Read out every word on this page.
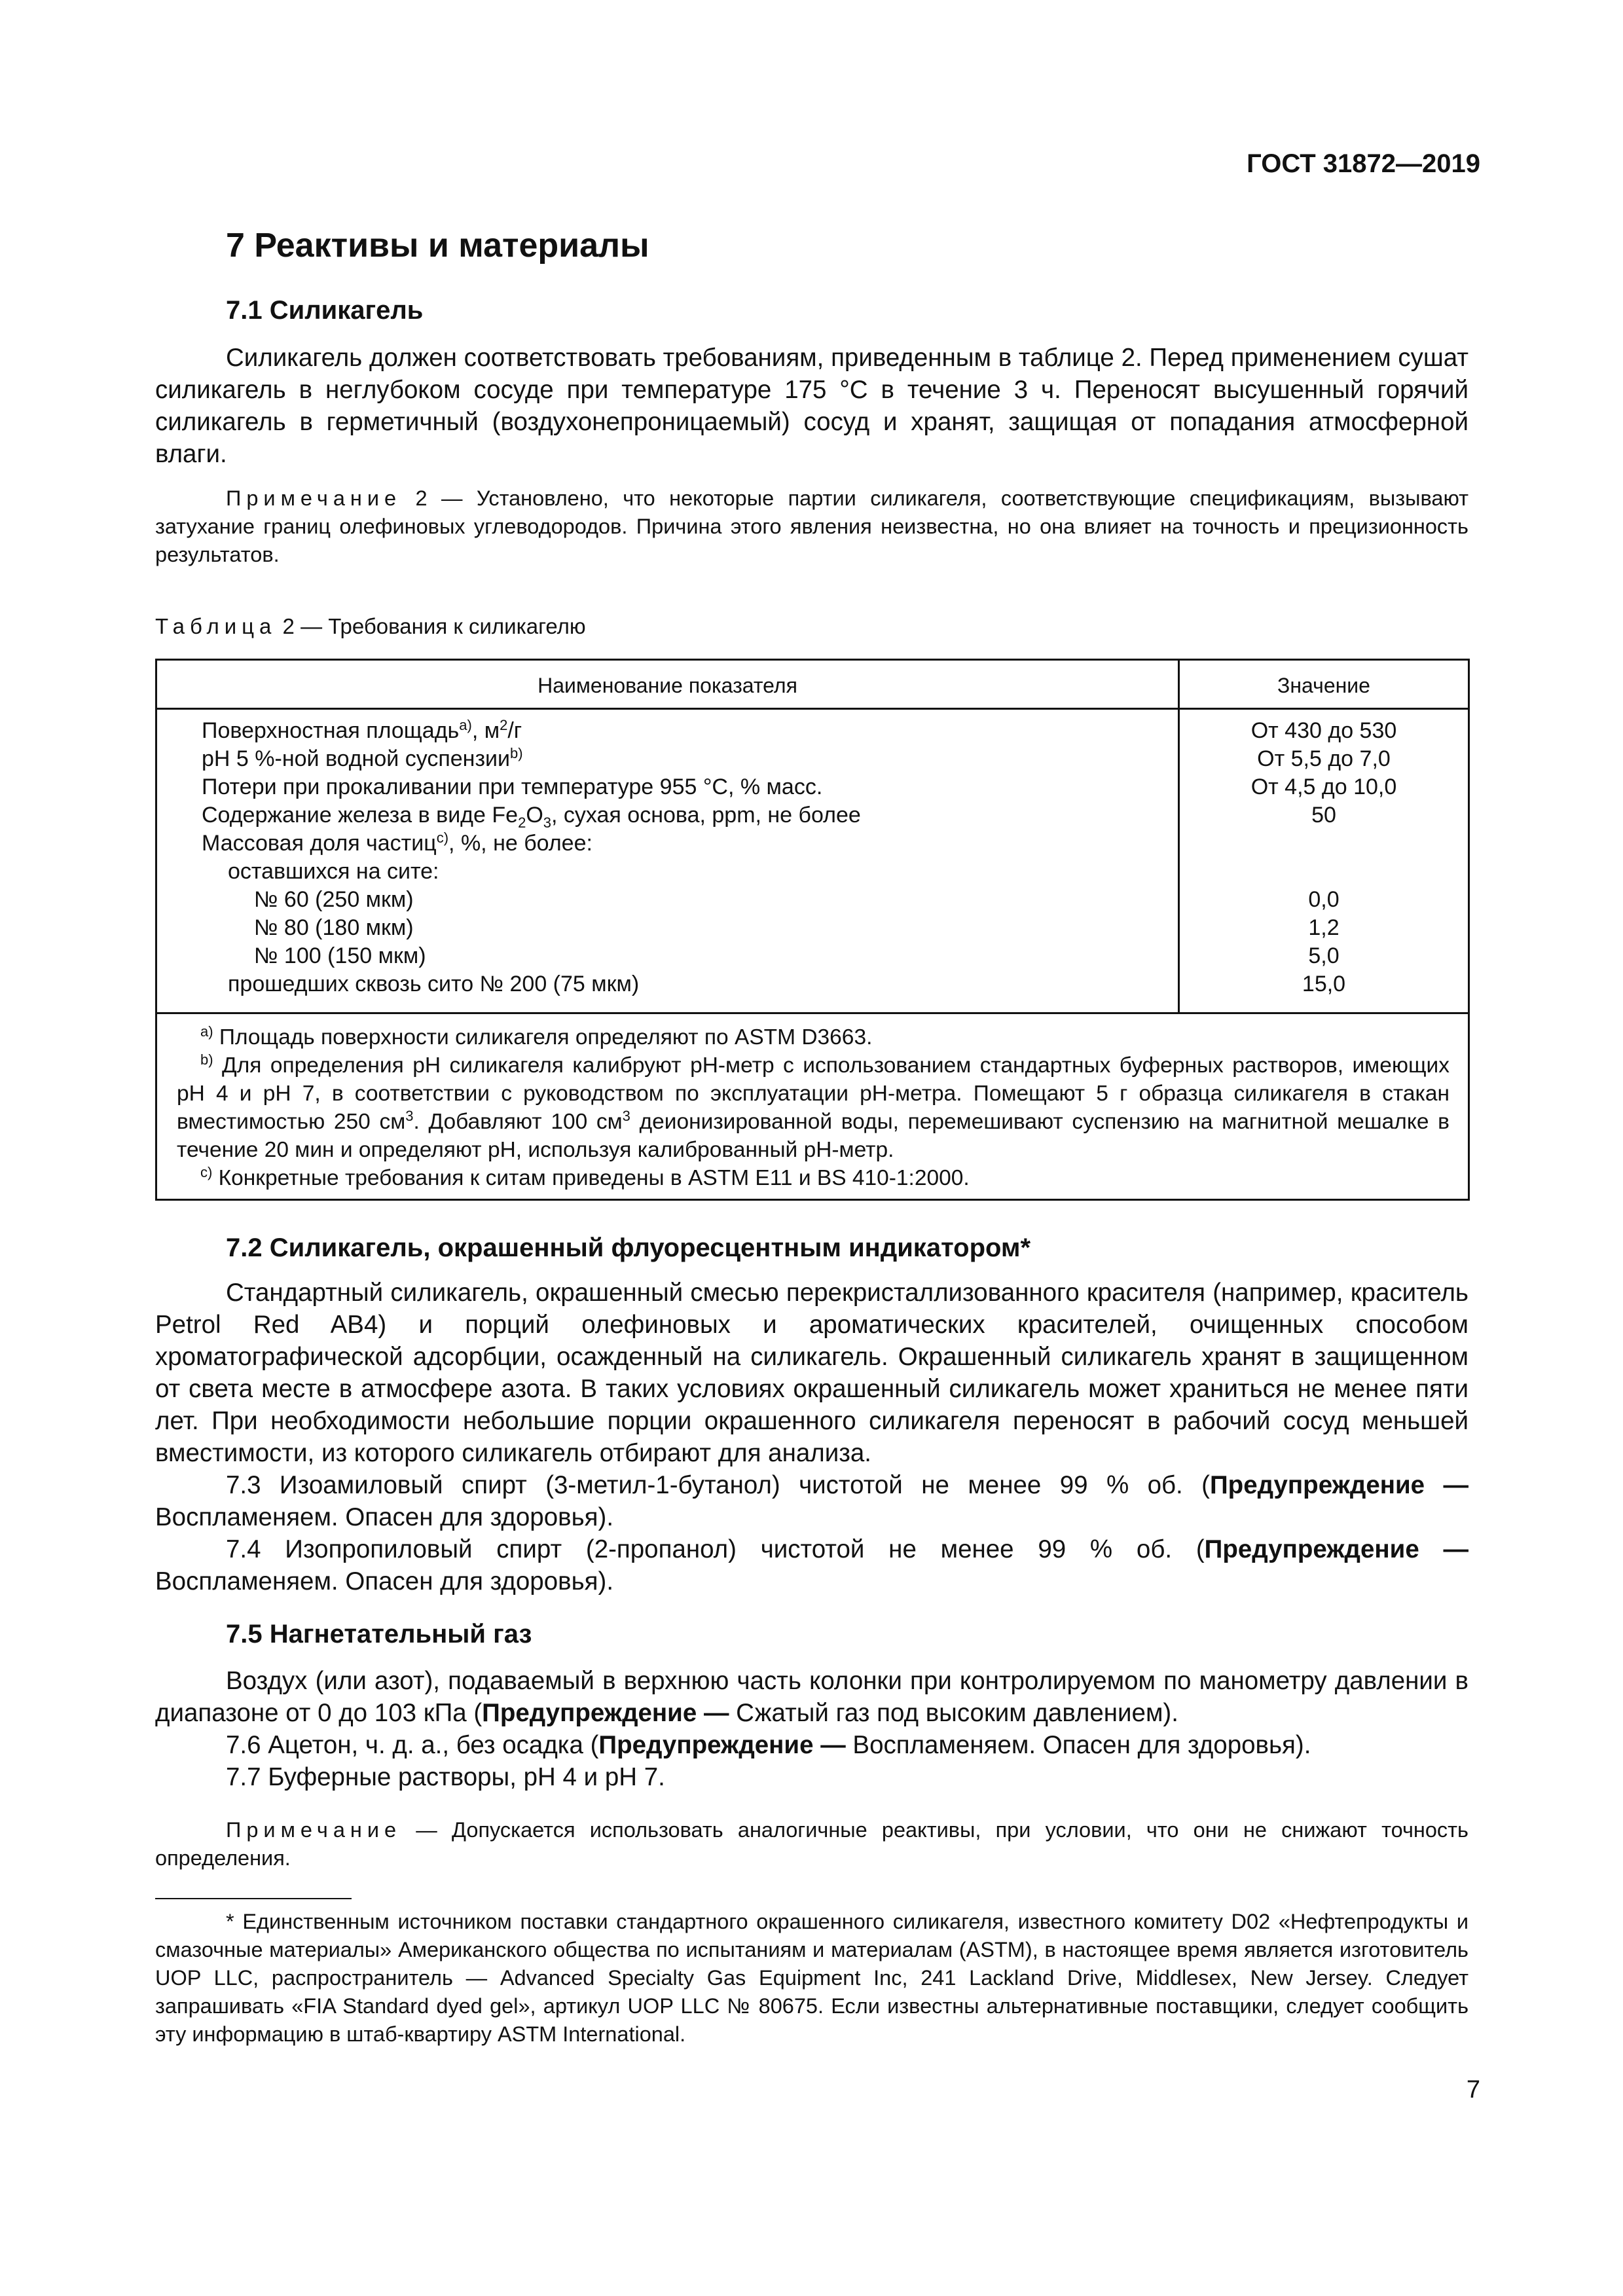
ГОСТ 31872—2019
7 Реактивы и материалы
7.1 Силикагель

Силикагель должен соответствовать требованиям, приведенным в таблице 2. Перед применением сушат силикагель в неглубоком сосуде при температуре 175 °С в течение 3 ч. Переносят высушенный горячий силикагель в герметичный (воздухонепроницаемый) сосуд и хранят, защищая от попадания атмосферной влаги.

Примечание 2 — Установлено, что некоторые партии силикагеля, соответствующие спецификациям, вызывают затухание границ олефиновых углеводородов. Причина этого явления неизвестна, но она влияет на точность и прецизионность результатов.

Таблица 2 — Требования к силикагелю
Наименование показателя	Значение
Поверхностная площадь$^{a)}$, $м^2/г$	От 430 до 530
pH 5 %-ной водной суспензии$^{b)}$	От 5,5 до 7,0
Потери при прокаливании при температуре 955 °С, % масс.	От 4,5 до 10,0
Содержание железа в виде $Fe_2O_3$, сухая основа, ppm, не более	50
Массовая доля частиц$^{c)}$, %, не более:
оставшихся на сите:
№ 60 (250 мкм)	0,0
№ 80 (180 мкм)	1,2
№ 100 (150 мкм)	5,0
прошедших сквозь сито № 200 (75 мкм)	15,0

$^{a)}$ Площадь поверхности силикагеля определяют по ASTM D3663.

$^{b)}$ Для определения pH силикагеля калибруют pH-метр с использованием стандартных буферных растворов, имеющих pH 4 и pH 7, в соответствии с руководством по эксплуатации pH-метра. Помещают 5 г образца силикагеля в стакан вместимостью 250 $см^3$. Добавляют 100 $см^3$ деионизированной воды, перемешивают суспензию на магнитной мешалке в течение 20 мин и определяют pH, используя калиброванный pH-метр.

$^{c)}$ Конкретные требования к ситам приведены в ASTM E11 и BS 410-1:2000.

7.2 Силикагель, окрашенный флуоресцентным индикатором*

Стандартный силикагель, окрашенный смесью перекристаллизованного красителя (например, краситель Petrol Red AB4) и порций олефиновых и ароматических красителей, очищенных способом хроматографической адсорбции, осажденный на силикагель. Окрашенный силикагель хранят в защищенном от света месте в атмосфере азота. В таких условиях окрашенный силикагель может храниться не менее пяти лет. При необходимости небольшие порции окрашенного силикагеля переносят в рабочий сосуд меньшей вместимости, из которого силикагель отбирают для анализа.

7.3 Изоамиловый спирт (3-метил-1-бутанол) чистотой не менее 99 % об. (Предупреждение — Воспламеняем. Опасен для здоровья).

7.4 Изопропиловый спирт (2-пропанол) чистотой не менее 99 % об. (Предупреждение — Воспламеняем. Опасен для здоровья).

7.5 Нагнетательный газ

Воздух (или азот), подаваемый в верхнюю часть колонки при контролируемом по манометру давлении в диапазоне от 0 до 103 кПа (Предупреждение — Сжатый газ под высоким давлением).

7.6 Ацетон, ч. д. а., без осадка (Предупреждение — Воспламеняем. Опасен для здоровья).

7.7 Буферные растворы, pH 4 и pH 7.

Примечание — Допускается использовать аналогичные реактивы, при условии, что они не снижают точность определения.

* Единственным источником поставки стандартного окрашенного силикагеля, известного комитету D02 «Нефтепродукты и смазочные материалы» Американского общества по испытаниям и материалам (ASTM), в настоящее время является изготовитель UOP LLC, распространитель — Advanced Specialty Gas Equipment Inc, 241 Lackland Drive, Middlesex, New Jersey. Следует запрашивать «FIA Standard dyed gel», артикул UOP LLC № 80675. Если известны альтернативные поставщики, следует сообщить эту информацию в штаб-квартиру ASTM International.

7
